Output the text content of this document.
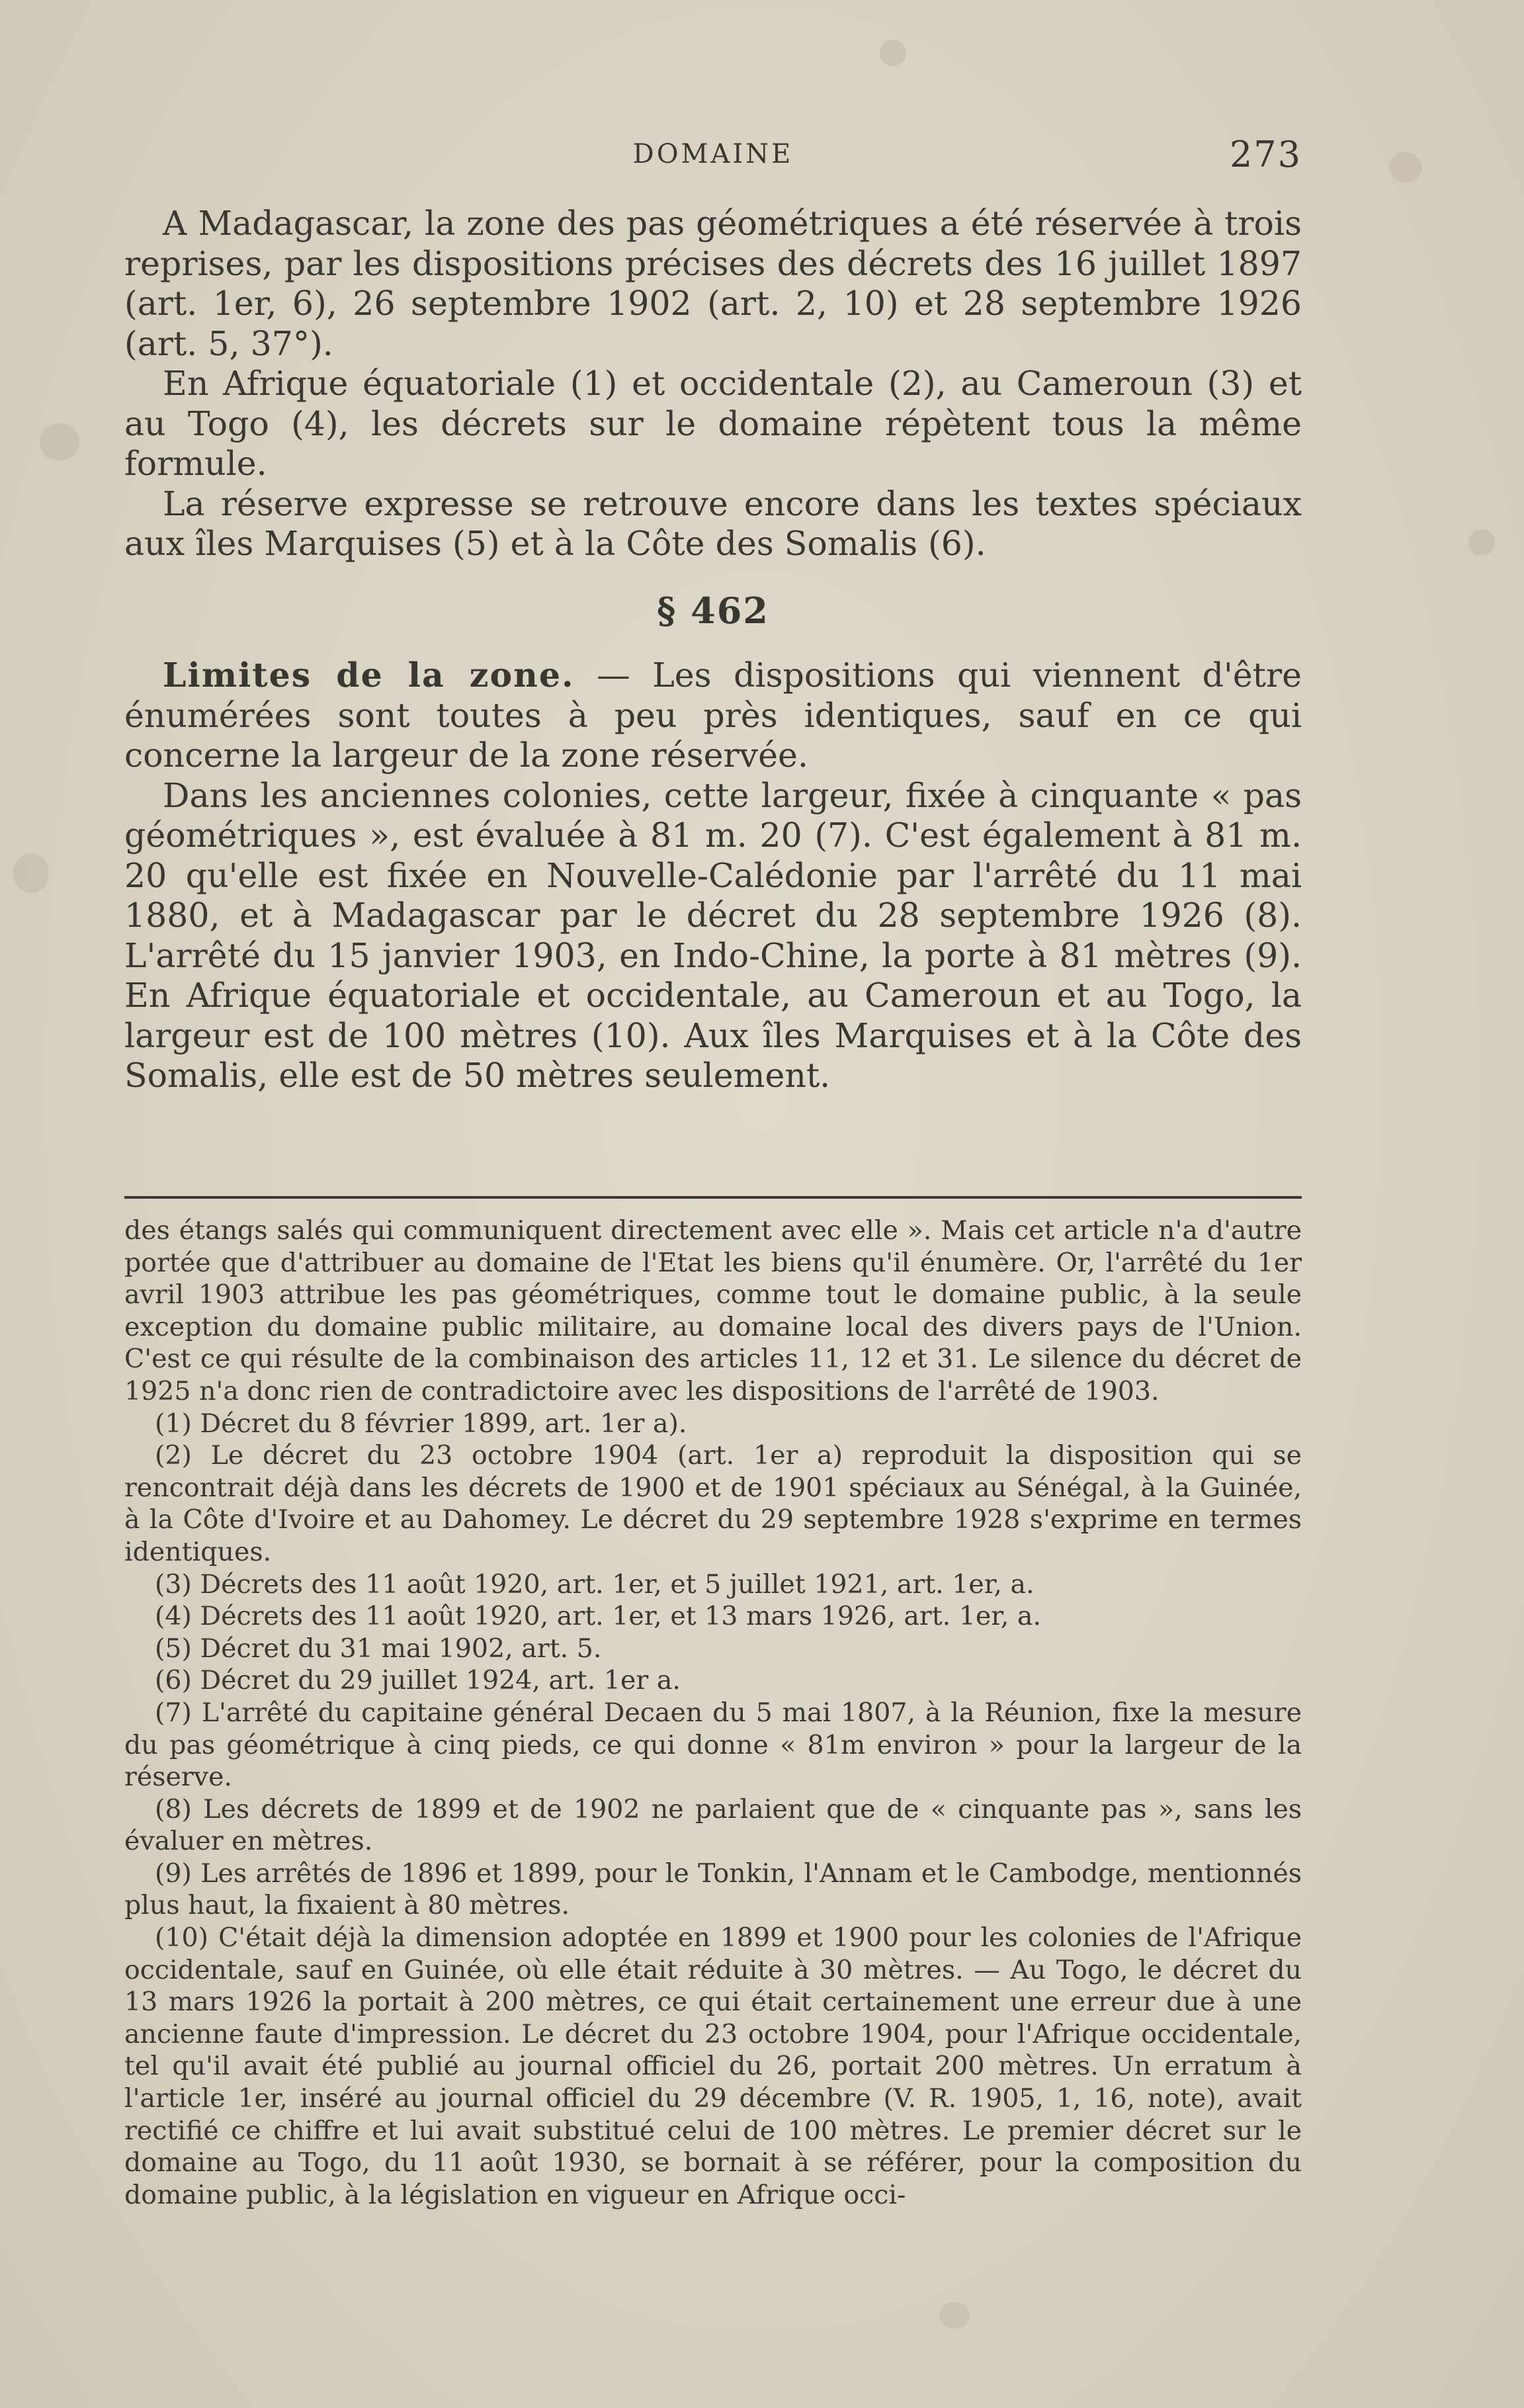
DOMAINE	273

A Madagascar, la zone des pas géométriques a été réservée à trois reprises, par les dispositions précises des décrets des 16 juillet 1897 (art. 1er, 6), 26 septembre 1902 (art. 2, 10) et 28 septembre 1926 (art. 5, 37°).

En Afrique équatoriale (1) et occidentale (2), au Cameroun (3) et au Togo (4), les décrets sur le domaine répètent tous la même formule.

La réserve expresse se retrouve encore dans les textes spéciaux aux îles Marquises (5) et à la Côte des Somalis (6).

§ 462

Limites de la zone. — Les dispositions qui viennent d'être énumérées sont toutes à peu près identiques, sauf en ce qui concerne la largeur de la zone réservée.

Dans les anciennes colonies, cette largeur, fixée à cinquante « pas géométriques », est évaluée à 81 m. 20 (7). C'est également à 81 m. 20 qu'elle est fixée en Nouvelle-Calédonie par l'arrêté du 11 mai 1880, et à Madagascar par le décret du 28 septembre 1926 (8). L'arrêté du 15 janvier 1903, en Indo-Chine, la porte à 81 mètres (9). En Afrique équatoriale et occidentale, au Cameroun et au Togo, la largeur est de 100 mètres (10). Aux îles Marquises et à la Côte des Somalis, elle est de 50 mètres seulement.

des étangs salés qui communiquent directement avec elle ». Mais cet article n'a d'autre portée que d'attribuer au domaine de l'Etat les biens qu'il énumère. Or, l'arrêté du 1er avril 1903 attribue les pas géométriques, comme tout le domaine public, à la seule exception du domaine public militaire, au domaine local des divers pays de l'Union. C'est ce qui résulte de la combinaison des articles 11, 12 et 31. Le silence du décret de 1925 n'a donc rien de contradictoire avec les dispositions de l'arrêté de 1903.

(1) Décret du 8 février 1899, art. 1er a).

(2) Le décret du 23 octobre 1904 (art. 1er a) reproduit la disposition qui se rencontrait déjà dans les décrets de 1900 et de 1901 spéciaux au Sénégal, à la Guinée, à la Côte d'Ivoire et au Dahomey. Le décret du 29 septembre 1928 s'exprime en termes identiques.

(3) Décrets des 11 août 1920, art. 1er, et 5 juillet 1921, art. 1er, a.

(4) Décrets des 11 août 1920, art. 1er, et 13 mars 1926, art. 1er, a.

(5) Décret du 31 mai 1902, art. 5.

(6) Décret du 29 juillet 1924, art. 1er a.

(7) L'arrêté du capitaine général Decaen du 5 mai 1807, à la Réunion, fixe la mesure du pas géométrique à cinq pieds, ce qui donne « 81m environ » pour la largeur de la réserve.

(8) Les décrets de 1899 et de 1902 ne parlaient que de « cinquante pas », sans les évaluer en mètres.

(9) Les arrêtés de 1896 et 1899, pour le Tonkin, l'Annam et le Cambodge, mentionnés plus haut, la fixaient à 80 mètres.

(10) C'était déjà la dimension adoptée en 1899 et 1900 pour les colonies de l'Afrique occidentale, sauf en Guinée, où elle était réduite à 30 mètres. — Au Togo, le décret du 13 mars 1926 la portait à 200 mètres, ce qui était certainement une erreur due à une ancienne faute d'impression. Le décret du 23 octobre 1904, pour l'Afrique occidentale, tel qu'il avait été publié au journal officiel du 26, portait 200 mètres. Un erratum à l'article 1er, inséré au journal officiel du 29 décembre (V. R. 1905, 1, 16, note), avait rectifié ce chiffre et lui avait substitué celui de 100 mètres. Le premier décret sur le domaine au Togo, du 11 août 1930, se bornait à se référer, pour la composition du domaine public, à la législation en vigueur en Afrique occi-
